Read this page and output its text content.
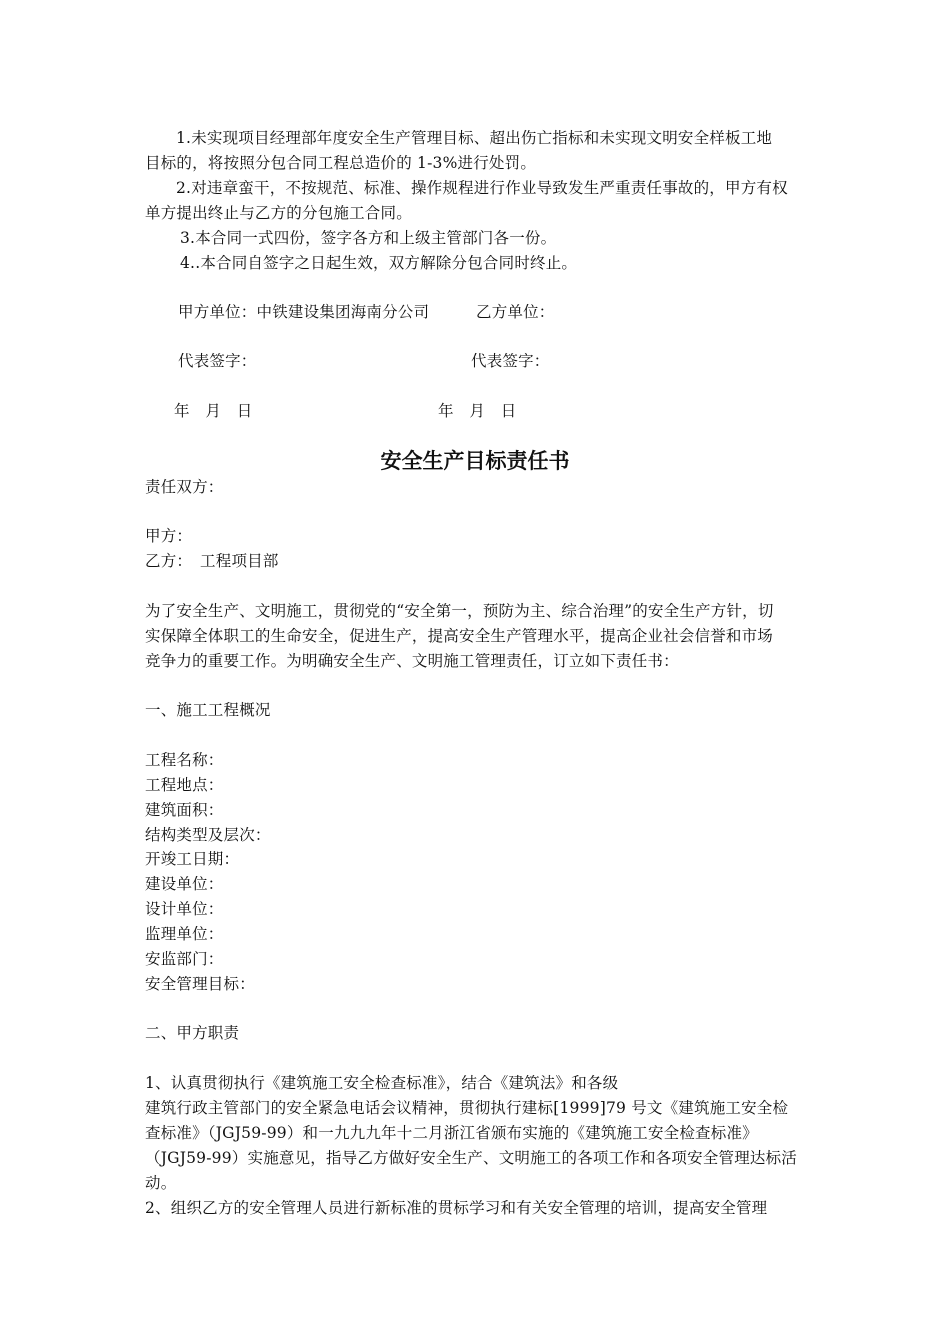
1.未实现项目经理部年度安全生产管理目标、超出伤亡指标和未实现文明安全样板工地
目标的，将按照分包合同工程总造价的 1-3%进行处罚。
2.对违章蛮干，不按规范、标准、操作规程进行作业导致发生严重责任事故的，甲方有权
单方提出终止与乙方的分包施工合同。
3.本合同一式四份，签字各方和上级主管部门各一份。
4..本合同自签字之日起生效，双方解除分包合同时终止。
甲方单位：中铁建设集团海南分公司	乙方单位：
代表签字：	代表签字：
年　月　日	年　月　日
安全生产目标责任书
责任双方：
甲方：
乙方：　工程项目部
为了安全生产、文明施工，贯彻党的“安全第一，预防为主、综合治理”的安全生产方针，切
实保障全体职工的生命安全，促进生产，提高安全生产管理水平，提高企业社会信誉和市场
竞争力的重要工作。为明确安全生产、文明施工管理责任，订立如下责任书：
一、施工工程概况
工程名称：
工程地点：
建筑面积：
结构类型及层次：
开竣工日期：
建设单位：
设计单位：
监理单位：
安监部门：
安全管理目标：
二、甲方职责
1、认真贯彻执行《建筑施工安全检查标准》，结合《建筑法》和各级
建筑行政主管部门的安全紧急电话会议精神，贯彻执行建标[1999]79 号文《建筑施工安全检
查标准》（JGJ59-99）和一九九九年十二月浙江省颁布实施的《建筑施工安全检查标准》
（JGJ59-99）实施意见，指导乙方做好安全生产、文明施工的各项工作和各项安全管理达标活
动。
2、组织乙方的安全管理人员进行新标准的贯标学习和有关安全管理的培训，提高安全管理
